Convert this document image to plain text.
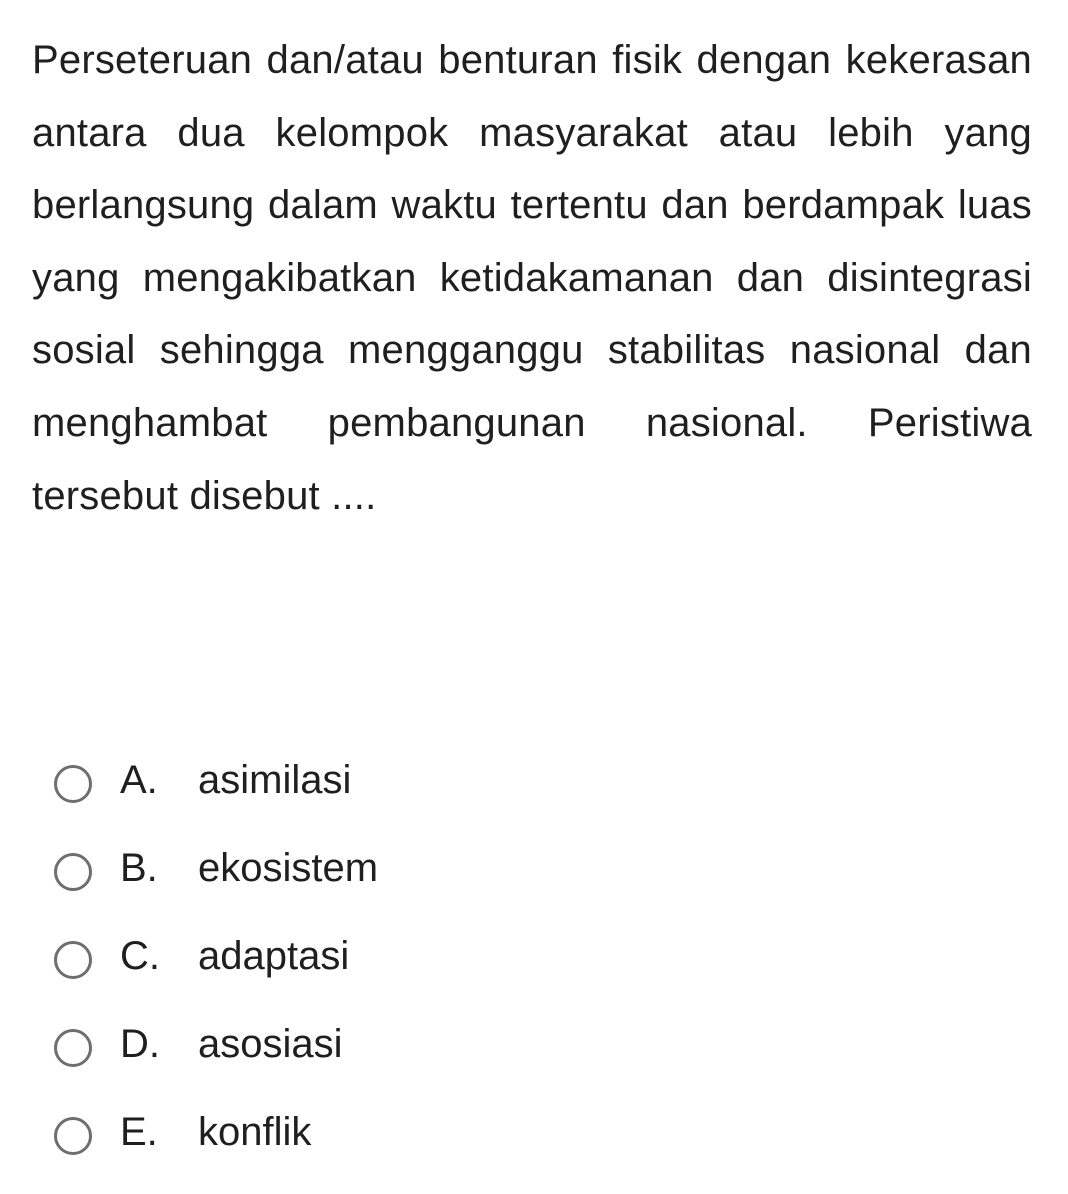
Perseteruan dan/atau benturan fisik dengan kekerasan antara dua kelompok masyarakat atau lebih yang berlangsung dalam waktu tertentu dan berdampak luas yang mengakibatkan ketidakamanan dan disintegrasi sosial sehingga mengganggu stabilitas nasional dan menghambat pembangunan nasional. Peristiwa tersebut disebut ....

A.	asimilasi
B.	ekosistem
C. adaptasi
D. asosiasi
E.	konflik
